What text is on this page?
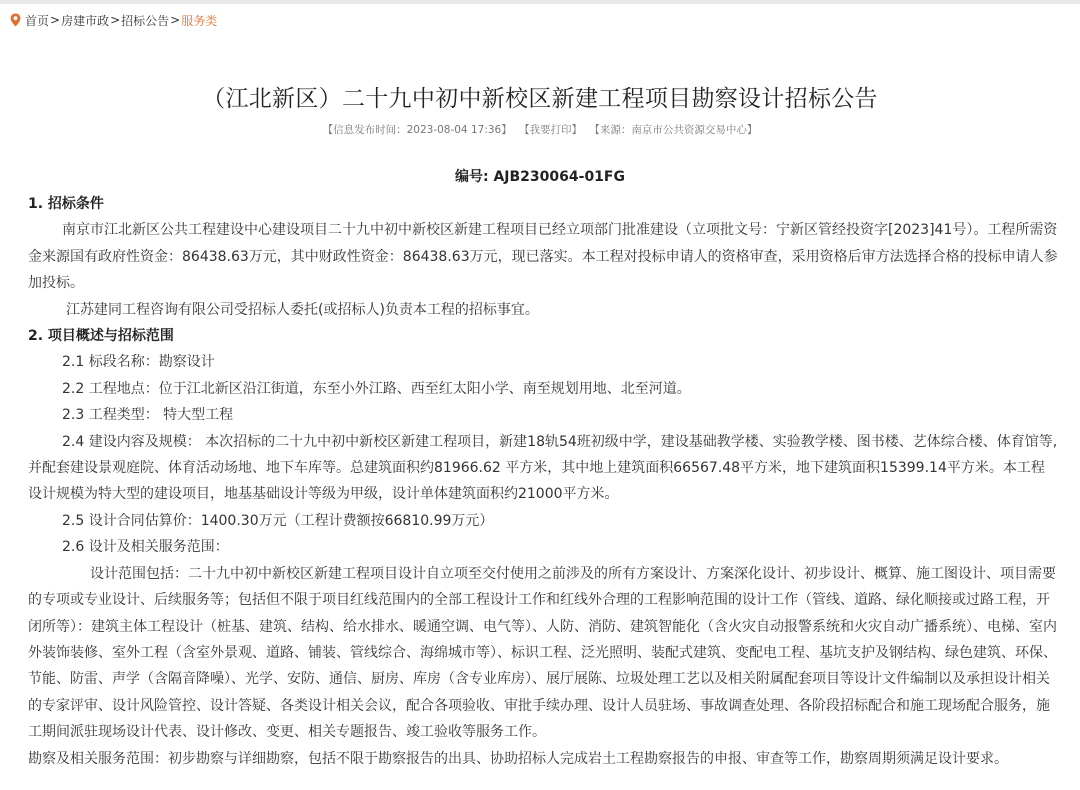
首页 > 房建市政 > 招标公告 > 服务类
（江北新区）二十九中初中新校区新建工程项目勘察设计招标公告
【信息发布时间：2023-08-04 17:36】 【我要打印】 【来源：南京市公共资源交易中心】
编号: AJB230064-01FG

1. 招标条件

南京市江北新区公共工程建设中心建设项目二十九中初中新校区新建工程项目已经立项部门批准建设（立项批文号：宁新区管经投资字[2023]41号）。工程所需资金来源国有政府性资金：86438.63万元，其中财政性资金：86438.63万元，现已落实。本工程对投标申请人的资格审查，采用资格后审方法选择合格的投标申请人参加投标。

江苏建同工程咨询有限公司受招标人委托(或招标人)负责本工程的招标事宜。

2. 项目概述与招标范围

2.1 标段名称：勘察设计

2.2 工程地点：位于江北新区沿江街道，东至小外江路、西至红太阳小学、南至规划用地、北至河道。

2.3 工程类型： 特大型工程

2.4 建设内容及规模： 本次招标的二十九中初中新校区新建工程项目，新建18轨54班初级中学，建设基础教学楼、实验教学楼、图书楼、艺体综合楼、体育馆等, 并配套建设景观庭院、体育活动场地、地下车库等。总建筑面积约81966.62 平方米，其中地上建筑面积66567.48平方米，地下建筑面积15399.14平方米。本工程设计规模为特大型的建设项目，地基基础设计等级为甲级，设计单体建筑面积约21000平方米。

2.5 设计合同估算价：1400.30万元（工程计费额按66810.99万元）

2.6 设计及相关服务范围：

设计范围包括：二十九中初中新校区新建工程项目设计自立项至交付使用之前涉及的所有方案设计、方案深化设计、初步设计、概算、施工图设计、项目需要的专项或专业设计、后续服务等；包括但不限于项目红线范围内的全部工程设计工作和红线外合理的工程影响范围的设计工作（管线、道路、绿化顺接或过路工程，开闭所等）：建筑主体工程设计（桩基、建筑、结构、给水排水、暖通空调、电气等）、人防、消防、建筑智能化（含火灾自动报警系统和火灾自动广播系统）、电梯、室内外装饰装修、室外工程（含室外景观、道路、铺装、管线综合、海绵城市等）、标识工程、泛光照明、装配式建筑、变配电工程、基坑支护及钢结构、绿色建筑、环保、节能、防雷、声学（含隔音降噪）、光学、安防、通信、厨房、库房（含专业库房）、展厅展陈、垃圾处理工艺以及相关附属配套项目等设计文件编制以及承担设计相关的专家评审、设计风险管控、设计答疑、各类设计相关会议，配合各项验收、审批手续办理、设计人员驻场、事故调查处理、各阶段招标配合和施工现场配合服务，施工期间派驻现场设计代表、设计修改、变更、相关专题报告、竣工验收等服务工作。

勘察及相关服务范围：初步勘察与详细勘察，包括不限于勘察报告的出具、协助招标人完成岩土工程勘察报告的申报、审查等工作，勘察周期须满足设计要求。
